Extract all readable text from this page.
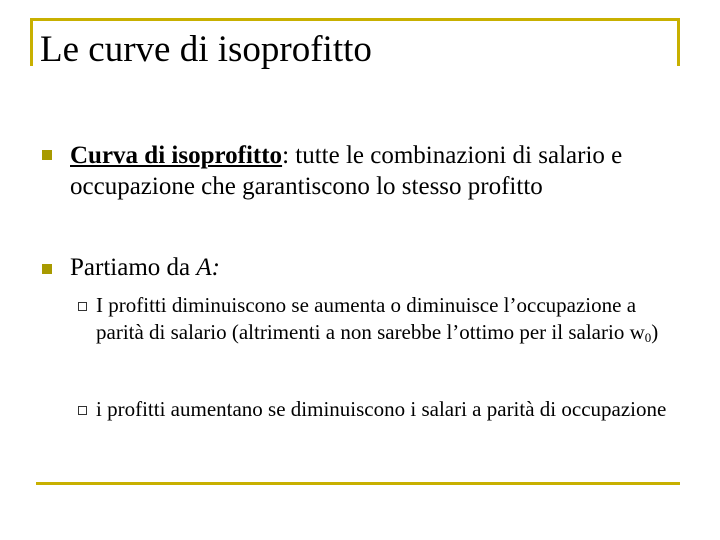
Le curve di isoprofitto
Curva di isoprofitto: tutte le combinazioni di salario e occupazione che garantiscono lo stesso profitto
Partiamo da A:
I profitti diminuiscono se aumenta o diminuisce l’occupazione a parità di salario (altrimenti a non sarebbe l’ottimo per il salario $w_0$)
i profitti aumentano se diminuiscono i salari a parità di occupazione
